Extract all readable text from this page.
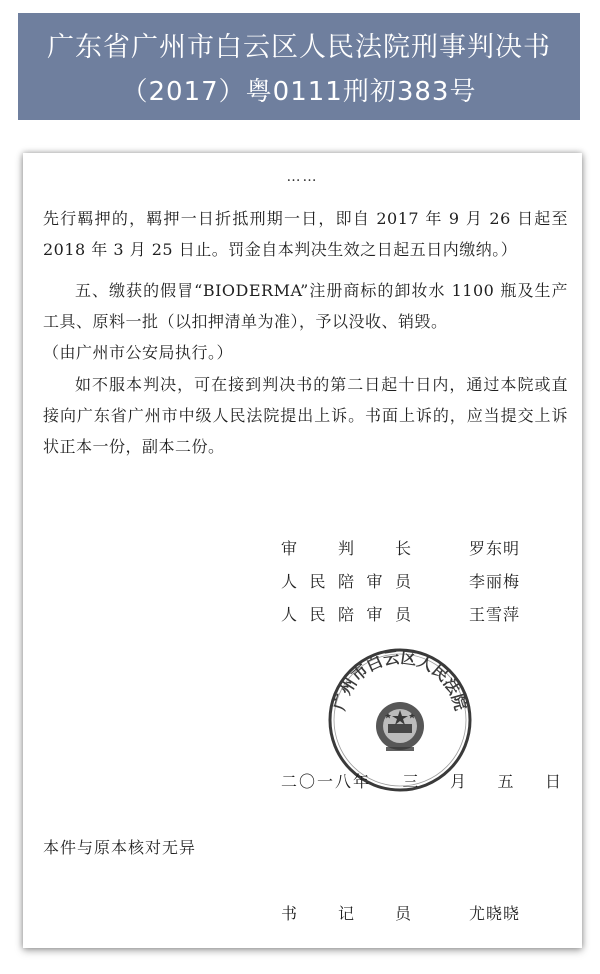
广东省广州市白云区人民法院刑事判决书
（2017）粤0111刑初383号
……
先行羁押的，羁押一日折抵刑期一日，即自 2017 年 9 月 26 日起至 2018 年 3 月 25 日止。罚金自本判决生效之日起五日内缴纳。）
五、缴获的假冒“BIODERMA”注册商标的卸妆水 1100 瓶及生产工具、原料一批（以扣押清单为准），予以没收、销毁。
（由广州市公安局执行。）
如不服本判决，可在接到判决书的第二日起十日内，通过本院或直接向广东省广州市中级人民法院提出上诉。书面上诉的，应当提交上诉状正本一份，副本二份。
审	判	长	罗东明
人 民 陪 审 员	李丽梅
人 民 陪 审 员	王雪萍
广州市白云区人民法院
二〇一八年 三 月 五 日
本件与原本核对无异
书	记	员	尤晓晓
